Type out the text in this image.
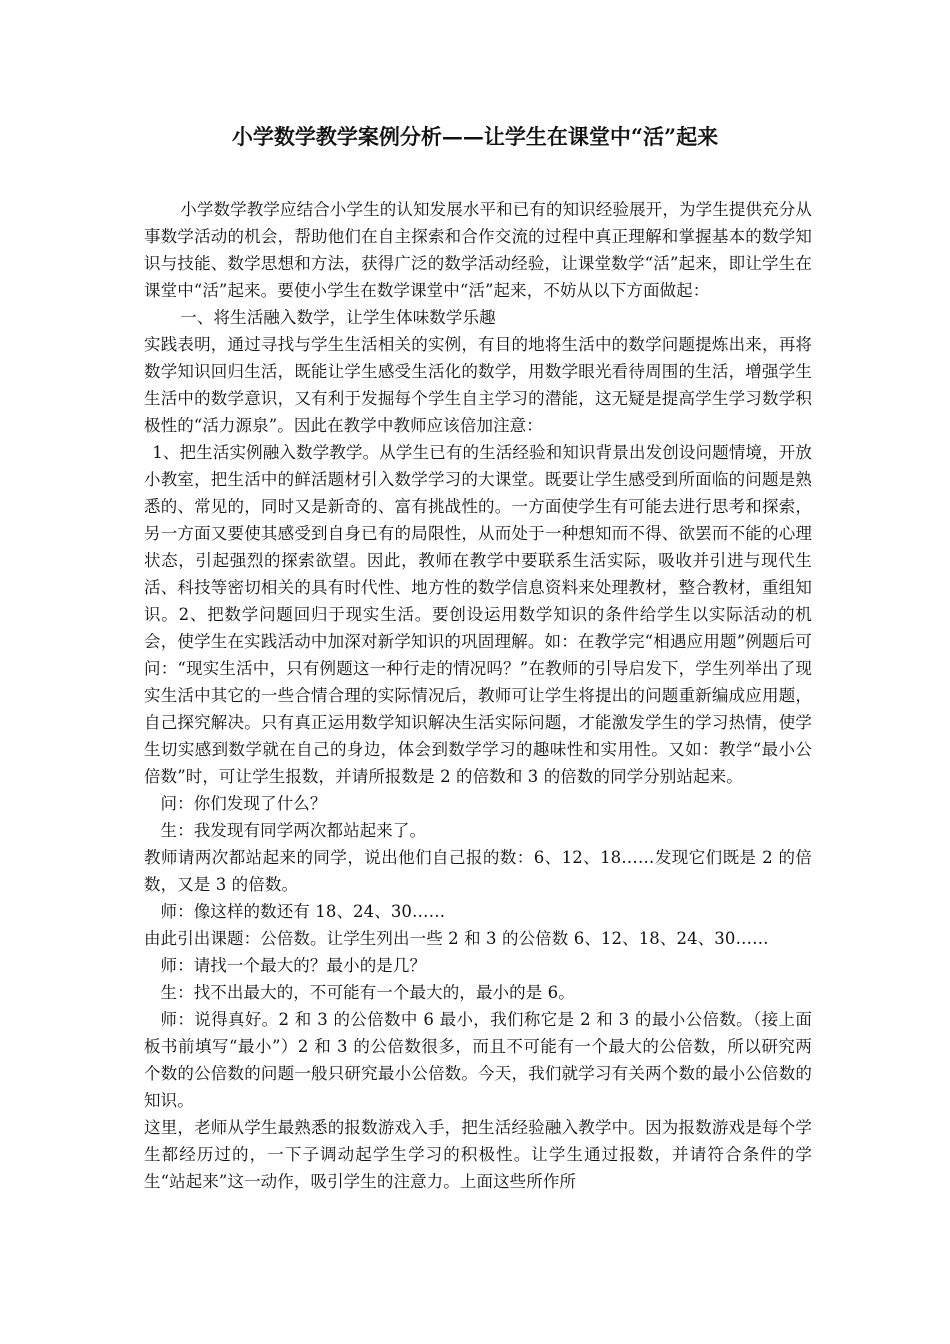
小学数学教学案例分析——让学生在课堂中“活”起来

小学数学教学应结合小学生的认知发展水平和已有的知识经验展开，为学生提供充分从事数学活动的机会，帮助他们在自主探索和合作交流的过程中真正理解和掌握基本的数学知识与技能、数学思想和方法，获得广泛的数学活动经验，让课堂数学“活”起来，即让学生在课堂中“活”起来。要使小学生在数学课堂中“活”起来，不妨从以下方面做起：

一、将生活融入数学，让学生体味数学乐趣

实践表明，通过寻找与学生生活相关的实例，有目的地将生活中的数学问题提炼出来，再将数学知识回归生活，既能让学生感受生活化的数学，用数学眼光看待周围的生活，增强学生生活中的数学意识，又有利于发掘每个学生自主学习的潜能，这无疑是提高学生学习数学积极性的“活力源泉”。因此在教学中教师应该倍加注意：

1、把生活实例融入数学教学。从学生已有的生活经验和知识背景出发创设问题情境，开放小教室，把生活中的鲜活题材引入数学学习的大课堂。既要让学生感受到所面临的问题是熟悉的、常见的，同时又是新奇的、富有挑战性的。一方面使学生有可能去进行思考和探索，另一方面又要使其感受到自身已有的局限性，从而处于一种想知而不得、欲罢而不能的心理状态，引起强烈的探索欲望。因此，教师在教学中要联系生活实际，吸收并引进与现代生活、科技等密切相关的具有时代性、地方性的数学信息资料来处理教材，整合教材，重组知识。2、把数学问题回归于现实生活。要创设运用数学知识的条件给学生以实际活动的机会，使学生在实践活动中加深对新学知识的巩固理解。如：在教学完“相遇应用题”例题后可问：“现实生活中，只有例题这一种行走的情况吗？”在教师的引导启发下，学生列举出了现实生活中其它的一些合情合理的实际情况后，教师可让学生将提出的问题重新编成应用题，自己探究解决。只有真正运用数学知识解决生活实际问题，才能激发学生的学习热情，使学生切实感到数学就在自己的身边，体会到数学学习的趣味性和实用性。又如：教学“最小公倍数”时，可让学生报数，并请所报数是 2 的倍数和 3 的倍数的同学分别站起来。

问：你们发现了什么？

生：我发现有同学两次都站起来了。

教师请两次都站起来的同学，说出他们自己报的数：6、12、18……发现它们既是 2 的倍数，又是 3 的倍数。

师：像这样的数还有 18、24、30……

由此引出课题：公倍数。让学生列出一些 2 和 3 的公倍数 6、12、18、24、30……

师：请找一个最大的？最小的是几？

生：找不出最大的，不可能有一个最大的，最小的是 6。

师：说得真好。2 和 3 的公倍数中 6 最小，我们称它是 2 和 3 的最小公倍数。（接上面板书前填写“最小”）2 和 3 的公倍数很多，而且不可能有一个最大的公倍数，所以研究两个数的公倍数的问题一般只研究最小公倍数。今天，我们就学习有关两个数的最小公倍数的知识。

这里，老师从学生最熟悉的报数游戏入手，把生活经验融入教学中。因为报数游戏是每个学生都经历过的，一下子调动起学生学习的积极性。让学生通过报数，并请符合条件的学生“站起来”这一动作，吸引学生的注意力。上面这些所作所
